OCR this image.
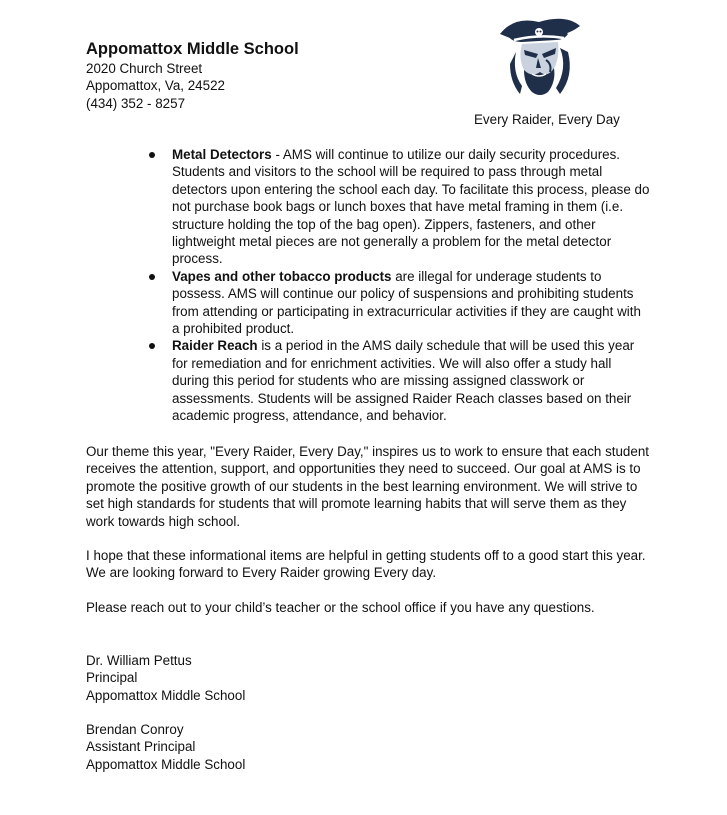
Appomattox Middle School

2020 Church Street

Appomattox, Va, 24522

(434) 352 - 8257

Every Raider, Every Day

Metal Detectors - AMS will continue to utilize our daily security procedures. Students and visitors to the school will be required to pass through metal detectors upon entering the school each day. To facilitate this process, please do not purchase book bags or lunch boxes that have metal framing in them (i.e. structure holding the top of the bag open). Zippers, fasteners, and other lightweight metal pieces are not generally a problem for the metal detector process.
Vapes and other tobacco products are illegal for underage students to possess. AMS will continue our policy of suspensions and prohibiting students from attending or participating in extracurricular activities if they are caught with a prohibited product.
Raider Reach is a period in the AMS daily schedule that will be used this year for remediation and for enrichment activities. We will also offer a study hall during this period for students who are missing assigned classwork or assessments. Students will be assigned Raider Reach classes based on their academic progress, attendance, and behavior.

Our theme this year, "Every Raider, Every Day," inspires us to work to ensure that each student receives the attention, support, and opportunities they need to succeed. Our goal at AMS is to promote the positive growth of our students in the best learning environment. We will strive to set high standards for students that will promote learning habits that will serve them as they work towards high school.

I hope that these informational items are helpful in getting students off to a good start this year. We are looking forward to Every Raider growing Every day.

Please reach out to your child’s teacher or the school office if you have any questions.

Dr. William Pettus

Principal

Appomattox Middle School

Brendan Conroy

Assistant Principal

Appomattox Middle School
